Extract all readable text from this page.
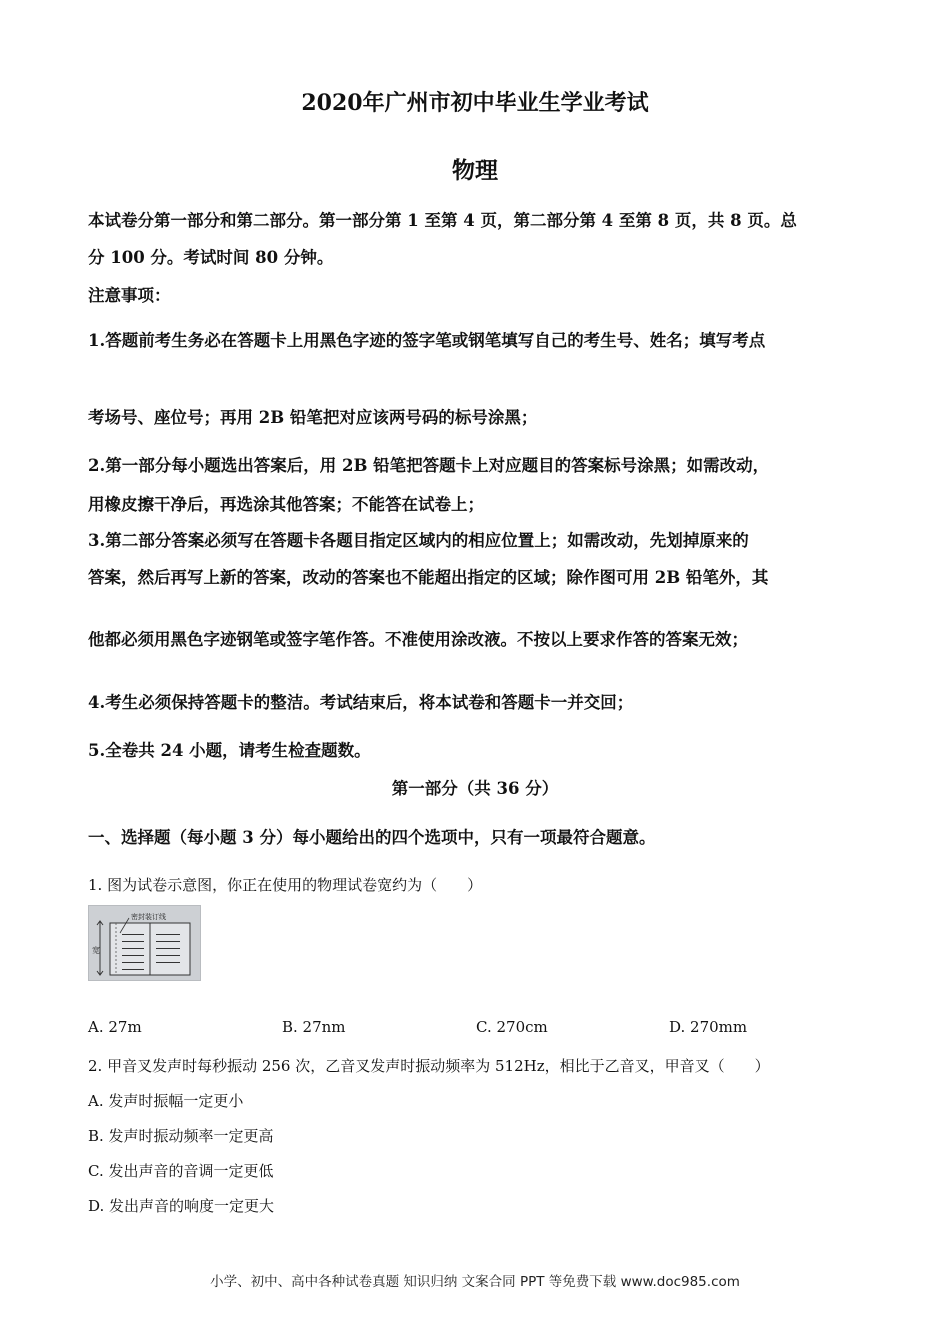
2020年广州市初中毕业生学业考试
物理
本试卷分第一部分和第二部分。第一部分第 1 至第 4 页，第二部分第 4 至第 8 页，共 8 页。总
分 100 分。考试时间 80 分钟。
注意事项：
1.答题前考生务必在答题卡上用黑色字迹的签字笔或钢笔填写自己的考生号、姓名；填写考点
考场号、座位号；再用 2B 铅笔把对应该两号码的标号涂黑；
2.第一部分每小题选出答案后，用 2B 铅笔把答题卡上对应题目的答案标号涂黑；如需改动，
用橡皮擦干净后，再选涂其他答案；不能答在试卷上；
3.第二部分答案必须写在答题卡各题目指定区域内的相应位置上；如需改动，先划掉原来的
答案，然后再写上新的答案，改动的答案也不能超出指定的区域；除作图可用 2B 铅笔外，其
他都必须用黑色字迹钢笔或签字笔作答。不准使用涂改液。不按以上要求作答的答案无效；
4.考生必须保持答题卡的整洁。考试结束后，将本试卷和答题卡一并交回；
5.全卷共 24 小题，请考生检查题数。
第一部分（共 36 分）
一、选择题（每小题 3 分）每小题给出的四个选项中，只有一项最符合题意。
1. 图为试卷示意图，你正在使用的物理试卷宽约为（　　）
宽
密封装订线
A. 27m	B. 27nm	C. 270cm	D. 270mm
2. 甲音叉发声时每秒振动 256 次，乙音叉发声时振动频率为 512Hz，相比于乙音叉，甲音叉（　　）
A. 发声时振幅一定更小
B. 发声时振动频率一定更高
C. 发出声音的音调一定更低
D. 发出声音的响度一定更大
小学、初中、高中各种试卷真题 知识归纳 文案合同 PPT 等免费下载 www.doc985.com
